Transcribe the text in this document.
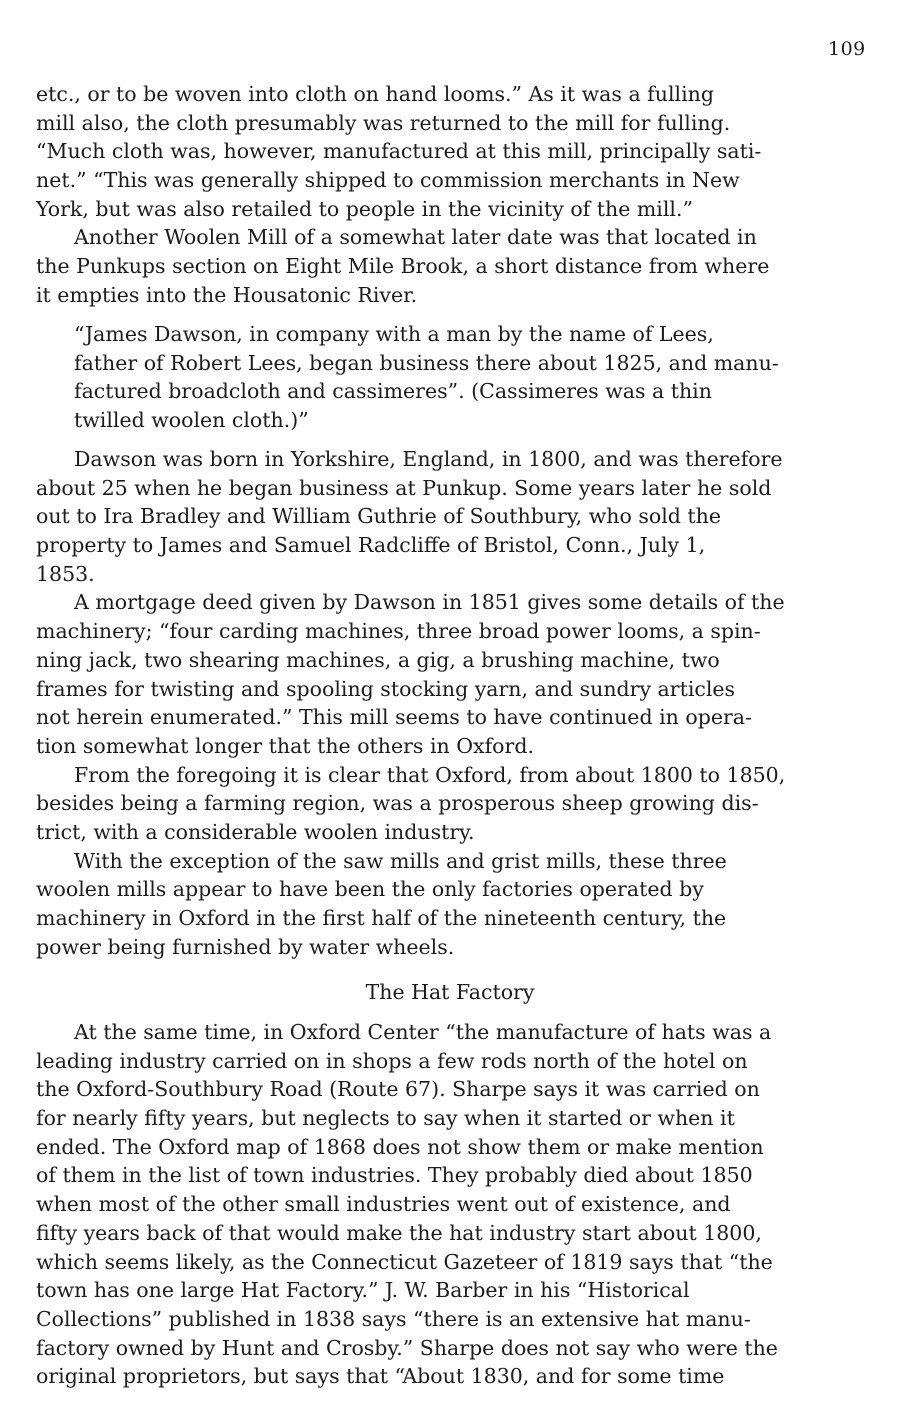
109
etc., or to be woven into cloth on hand looms.” As it was a fulling
mill also, the cloth presumably was returned to the mill for fulling.
“Much cloth was, however, manufactured at this mill, principally sati-
net.” “This was generally shipped to commission merchants in New
York, but was also retailed to people in the vicinity of the mill.”
Another Woolen Mill of a somewhat later date was that located in
the Punkups section on Eight Mile Brook, a short distance from where
it empties into the Housatonic River.
“James Dawson, in company with a man by the name of Lees,
father of Robert Lees, began business there about 1825, and manu-
factured broadcloth and cassimeres”. (Cassimeres was a thin
twilled woolen cloth.)”
Dawson was born in Yorkshire, England, in 1800, and was therefore
about 25 when he began business at Punkup. Some years later he sold
out to Ira Bradley and William Guthrie of Southbury, who sold the
property to James and Samuel Radcliffe of Bristol, Conn., July 1,
1853.
A mortgage deed given by Dawson in 1851 gives some details of the
machinery; “four carding machines, three broad power looms, a spin-
ning jack, two shearing machines, a gig, a brushing machine, two
frames for twisting and spooling stocking yarn, and sundry articles
not herein enumerated.” This mill seems to have continued in opera-
tion somewhat longer that the others in Oxford.
From the foregoing it is clear that Oxford, from about 1800 to 1850,
besides being a farming region, was a prosperous sheep growing dis-
trict, with a considerable woolen industry.
With the exception of the saw mills and grist mills, these three
woolen mills appear to have been the only factories operated by
machinery in Oxford in the first half of the nineteenth century, the
power being furnished by water wheels.
The Hat Factory
At the same time, in Oxford Center “the manufacture of hats was a
leading industry carried on in shops a few rods north of the hotel on
the Oxford-Southbury Road (Route 67). Sharpe says it was carried on
for nearly fifty years, but neglects to say when it started or when it
ended. The Oxford map of 1868 does not show them or make mention
of them in the list of town industries. They probably died about 1850
when most of the other small industries went out of existence, and
fifty years back of that would make the hat industry start about 1800,
which seems likely, as the Connecticut Gazeteer of 1819 says that “the
town has one large Hat Factory.” J. W. Barber in his “Historical
Collections” published in 1838 says “there is an extensive hat manu-
factory owned by Hunt and Crosby.” Sharpe does not say who were the
original proprietors, but says that “About 1830, and for some time
